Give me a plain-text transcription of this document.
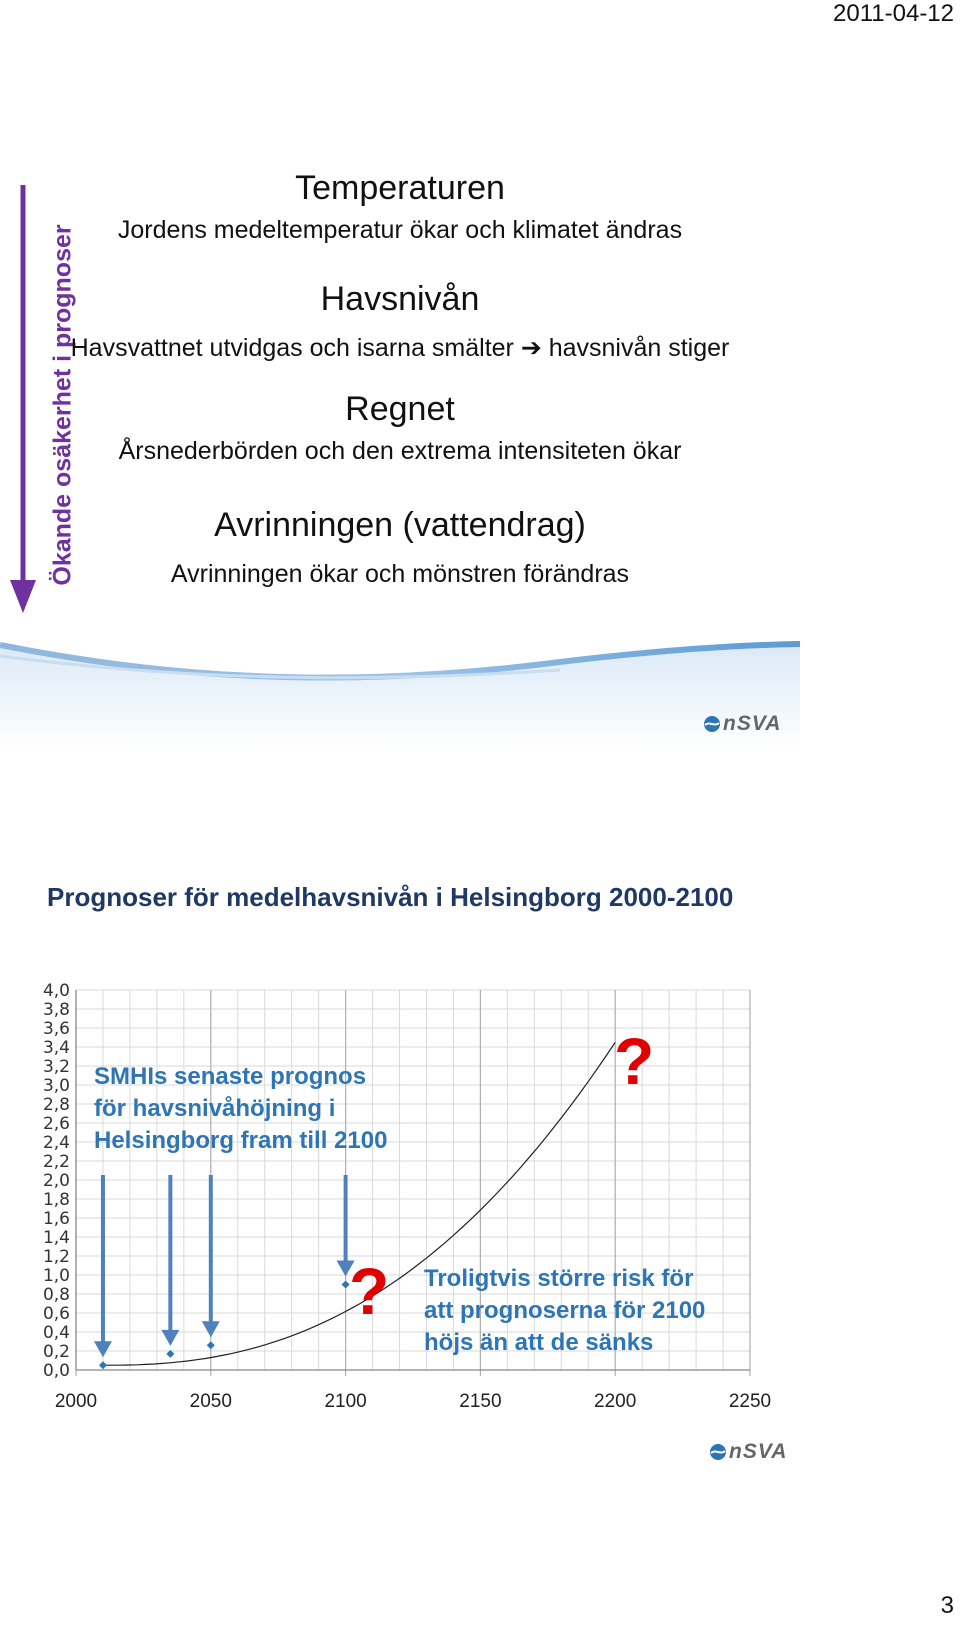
2011-04-12
Ökande osäkerhet i prognoser
Temperaturen
Jordens medeltemperatur ökar och klimatet ändras
Havsnivån
Havsvattnet utvidgas och isarna smälter ➔ havsnivån stiger
Regnet
Årsnederbörden och den extrema intensiteten ökar
Avrinningen (vattendrag)
Avrinningen ökar och mönstren förändras
nSVA
Prognoser för medelhavsnivån i Helsingborg 2000-2100
0,0
0,2
0,4
0,6
0,8
1,0
1,2
1,4
1,6
1,8
2,0
2,2
2,4
2,6
2,8
3,0
3,2
3,4
3,6
3,8
4,0
2000	2050	2100	2150	2200	2250
SMHIs senaste prognos
för havsnivåhöjning i
Helsingborg fram till 2100
Troligtvis större risk för
att prognoserna för 2100
höjs än att de sänks
?
?
nSVA
3
